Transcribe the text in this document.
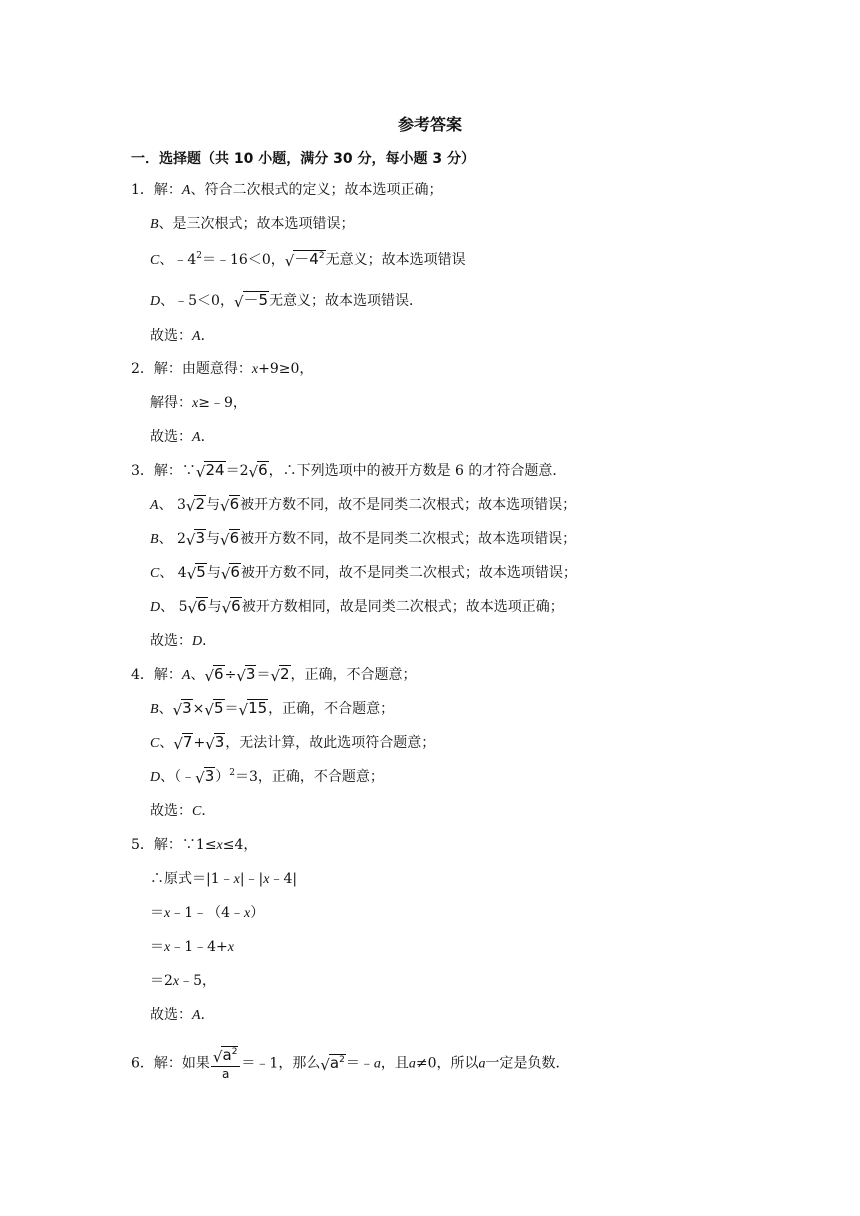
参考答案
一．选择题（共 10 小题，满分 30 分，每小题 3 分）
1．解：A、符合二次根式的定义；故本选项正确；
B、是三次根式；故本选项错误；
C、$﹣4^2=﹣16<0$，$√-4^2$无意义；故本选项错误
D、﹣5＜0，√－5无意义；故本选项错误．
故选：A．
2．解：由题意得：x+9≥0，
解得：x≥﹣9，
故选：A．
3．解：∵√24＝2√6，∴下列选项中的被开方数是 6 的才符合题意．
A、 3√2与√6被开方数不同，故不是同类二次根式；故本选项错误；
B、 2√3与√6被开方数不同，故不是同类二次根式；故本选项错误；
C、 4√5与√6被开方数不同，故不是同类二次根式；故本选项错误；
D、 5√6与√6被开方数相同，故是同类二次根式；故本选项正确；
故选：D．
4．解：A、√6÷√3＝√2，正确，不合题意；
B、√3×√5＝√15，正确，不合题意；
C、√7+√3，无法计算，故此选项符合题意；
D、（﹣√3）$^2$＝3，正确，不合题意；
故选：C．
5．解：∵1≤x≤4，
∴原式＝|1﹣x|﹣|x﹣4|
＝x﹣1﹣（4﹣x）
＝x﹣1﹣4+x
＝2x﹣5，
故选：A．
6．解：如果 $\frac{√a^2}{a}$ ＝﹣1，那么$√a^2=﹣a$，且a≠0，所以a一定是负数．
